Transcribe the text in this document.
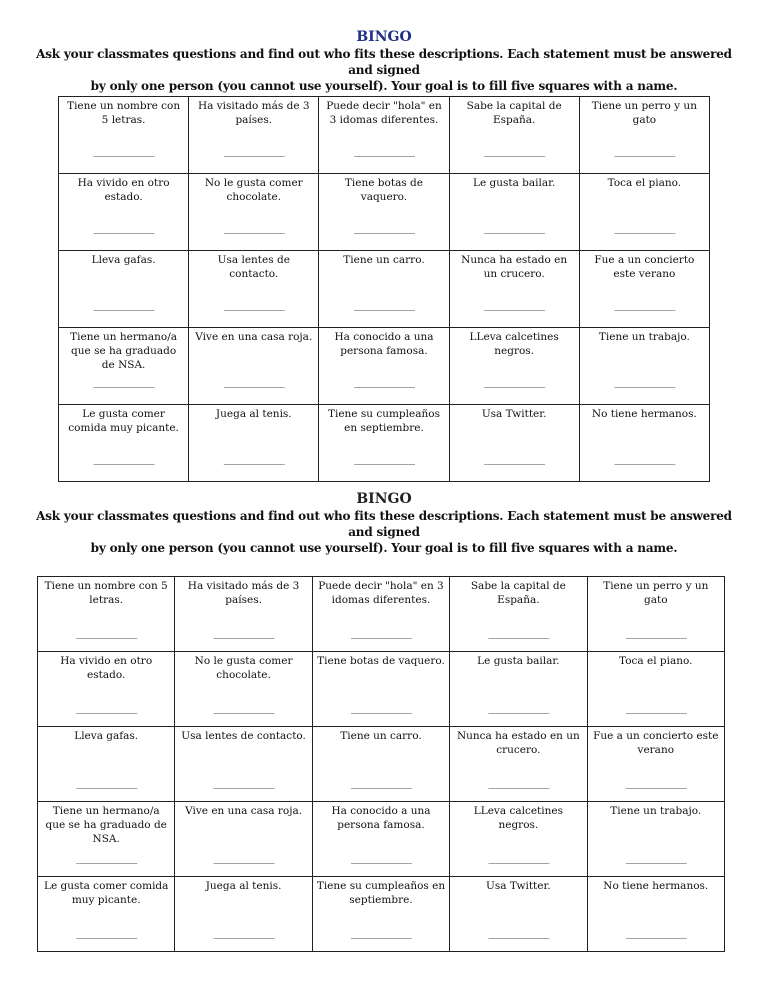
BINGO

Ask your classmates questions and find out who fits these descriptions. Each statement must be answered and signed
by only one person (you cannot use yourself). Your goal is to fill five squares with a name.

Tiene un nombre con 5 letras.
_______________	Ha visitado más de 3 países.
_______________	Puede decir "hola" en 3 idomas diferentes.
_______________	Sabe la capital de España.
_______________	Tiene un perro y un gato
_______________

Ha vivido en otro estado.
_______________	No le gusta comer chocolate.
_______________	Tiene botas de vaquero.
_______________	Le gusta bailar.
_______________	Toca el piano.
_______________

Lleva gafas.
_______________	Usa lentes de contacto.
_______________	Tiene un carro.
_______________	Nunca ha estado en un crucero.
_______________	Fue a un concierto este verano
_______________

Tiene un hermano/a que se ha graduado de NSA.
_______________	Vive en una casa roja.
_______________	Ha conocido a una persona famosa.
_______________	LLeva calcetines negros.
_______________	Tiene un trabajo.
_______________

Le gusta comer comida muy picante.
_______________	Juega al tenis.
_______________	Tiene su cumpleaños en septiembre.
_______________	Usa Twitter.
_______________	No tiene hermanos.
_______________
BINGO

Ask your classmates questions and find out who fits these descriptions. Each statement must be answered and signed
by only one person (you cannot use yourself). Your goal is to fill five squares with a name.

Tiene un nombre con 5 letras.
_______________	Ha visitado más de 3 países.
_______________	Puede decir "hola" en 3 idomas diferentes.
_______________	Sabe la capital de España.
_______________	Tiene un perro y un gato
_______________

Ha vivido en otro estado.
_______________	No le gusta comer chocolate.
_______________	Tiene botas de vaquero.
_______________	Le gusta bailar.
_______________	Toca el piano.
_______________

Lleva gafas.
_______________	Usa lentes de contacto.
_______________	Tiene un carro.
_______________	Nunca ha estado en un crucero.
_______________	Fue a un concierto este verano
_______________

Tiene un hermano/a que se ha graduado de NSA.
_______________	Vive en una casa roja.
_______________	Ha conocido a una persona famosa.
_______________	LLeva calcetines negros.
_______________	Tiene un trabajo.
_______________

Le gusta comer comida muy picante.
_______________	Juega al tenis.
_______________	Tiene su cumpleaños en septiembre.
_______________	Usa Twitter.
_______________	No tiene hermanos.
_______________
